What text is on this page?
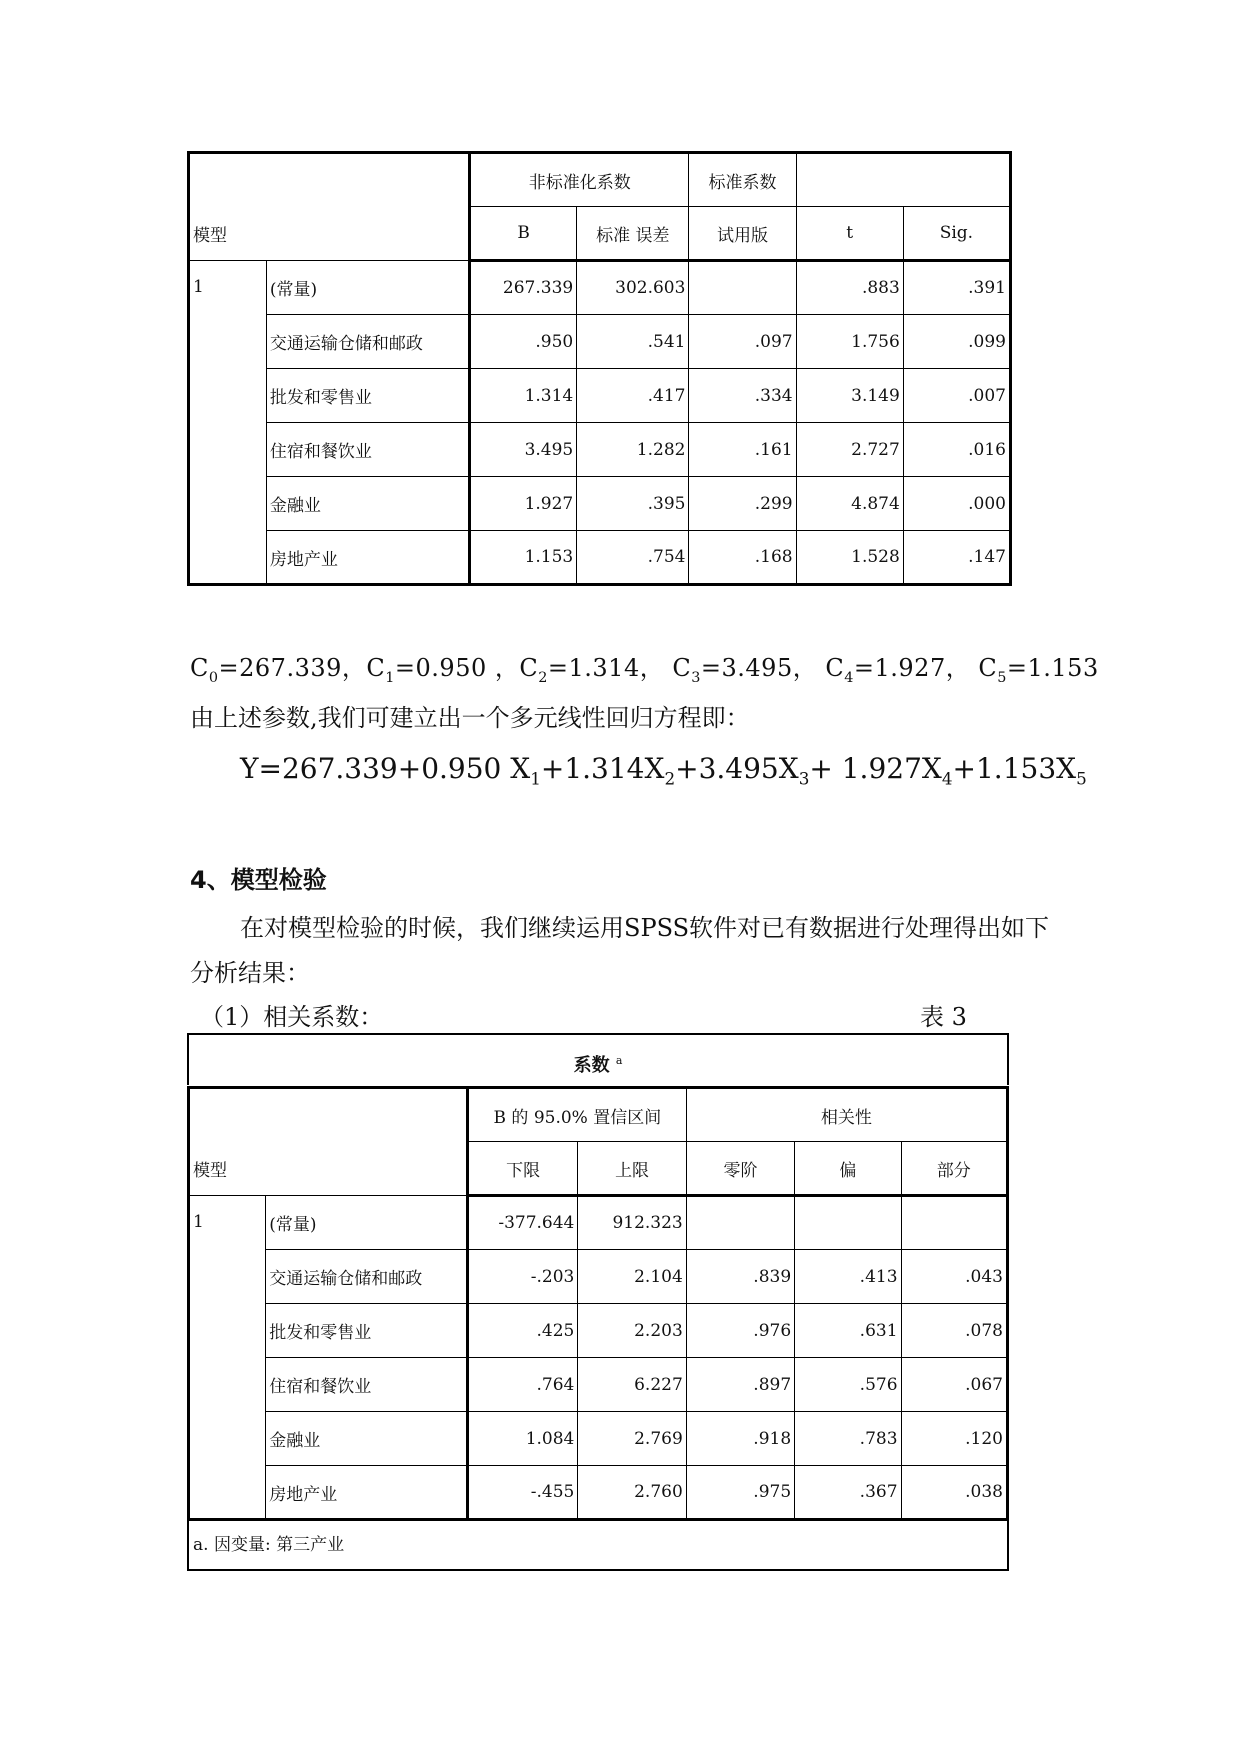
模型		非标准化系数		标准系数		
		B	标准 误差	试用版	t	Sig.
1	(常量)	267.339	302.603		.883	.391
	交通运输仓储和邮政	.950	.541	.097	1.756	.099
	批发和零售业	1.314	.417	.334	3.149	.007
	住宿和餐饮业	3.495	1.282	.161	2.727	.016
	金融业	1.927	.395	.299	4.874	.000
	房地产业	1.153	.754	.168	1.528	.147
$C_0=267.339$，$C_1=0.950$ ，$C_2=1.314$， $C_3=3.495$， $C_4=1.927$， $C_5=1.153$
由上述参数,我们可建立出一个多元线性回归方程即：
Y=267.339+0.950 $X_1+1.314X_2+3.495X_3+ 1.927X_4+1.153X_5$
4、模型检验
在对模型检验的时候，我们继续运用SPSS软件对已有数据进行处理得出如下
分析结果：
（1）相关系数：	表 3
系数 $^a$
模型		B 的 95.0% 置信区间		相关性		
		下限	上限	零阶	偏	部分
1	(常量)	-377.644	912.323			
	交通运输仓储和邮政	-.203	2.104	.839	.413	.043
	批发和零售业	.425	2.203	.976	.631	.078
	住宿和餐饮业	.764	6.227	.897	.576	.067
	金融业	1.084	2.769	.918	.783	.120
	房地产业	-.455	2.760	.975	.367	.038
a. 因变量: 第三产业
